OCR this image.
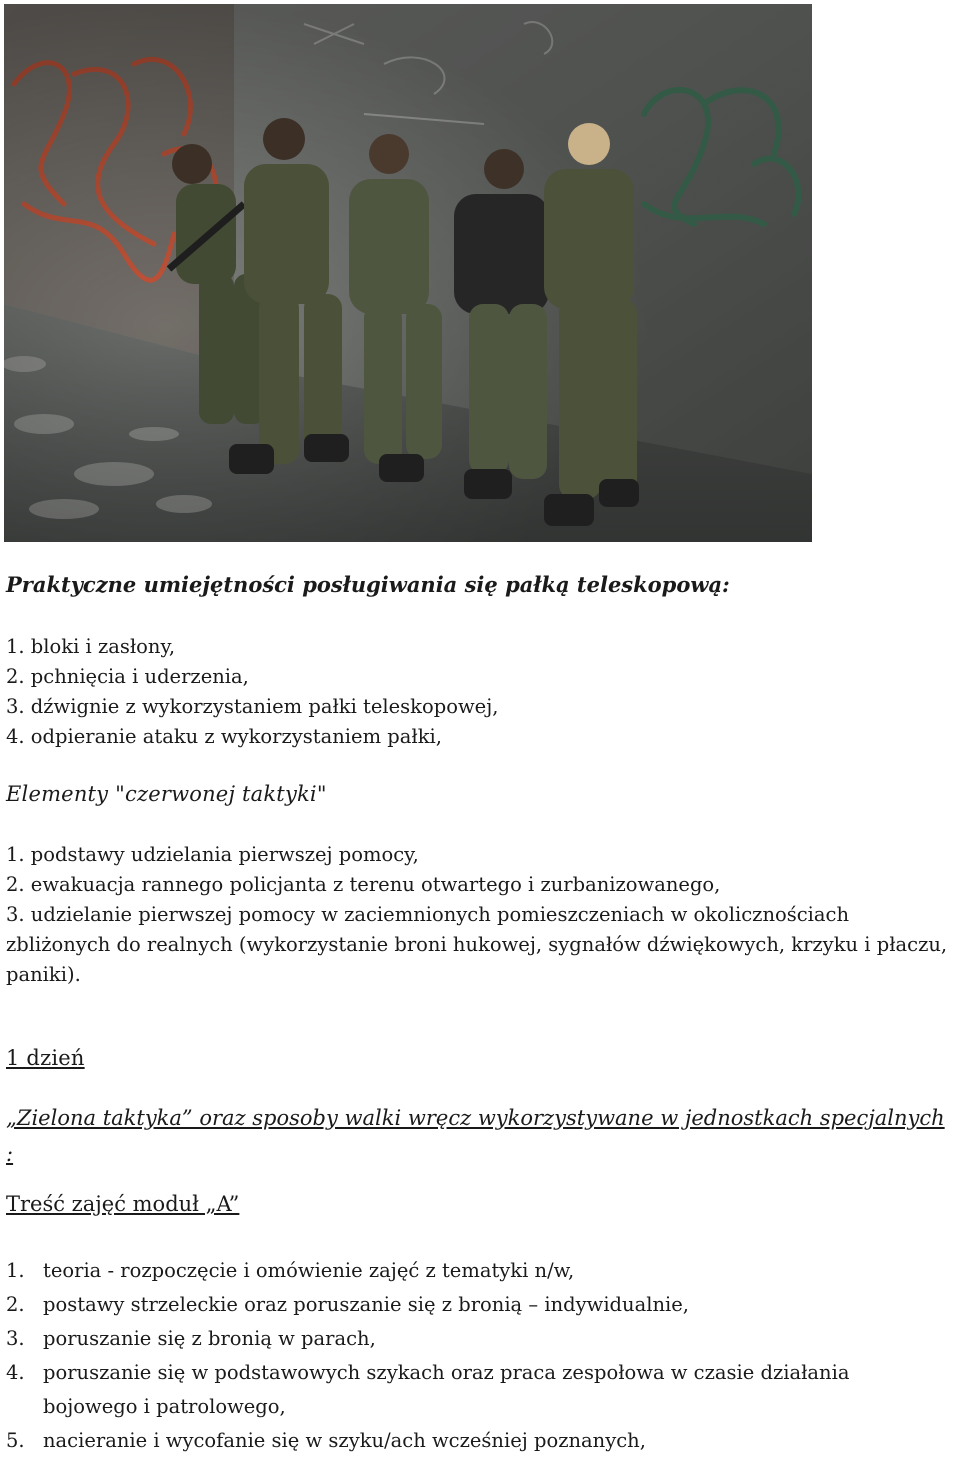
Praktyczne umiejętności posługiwania się pałką teleskopową:
1. bloki i zasłony,
2. pchnięcia i uderzenia,
3. dźwignie z wykorzystaniem pałki teleskopowej,
4. odpieranie ataku z wykorzystaniem pałki,
Elementy "czerwonej taktyki"
1. podstawy udzielania pierwszej pomocy,
2. ewakuacja rannego policjanta z terenu otwartego i zurbanizowanego,
3. udzielanie pierwszej pomocy w zaciemnionych pomieszczeniach w okolicznościach zbliżonych do realnych (wykorzystanie broni hukowej, sygnałów dźwiękowych, krzyku i płaczu, paniki).
1 dzień
„Zielona taktyka” oraz sposoby walki wręcz wykorzystywane w jednostkach specjalnych :
Treść zajęć moduł „A”
1. teoria - rozpoczęcie i omówienie zajęć z tematyki n/w,
2. postawy strzeleckie oraz poruszanie się z bronią – indywidualnie,
3. poruszanie się z bronią w parach,
4. poruszanie się w podstawowych szykach oraz praca zespołowa w czasie działania bojowego i patrolowego,
5. nacieranie i wycofanie się w szyku/ach wcześniej poznanych,
